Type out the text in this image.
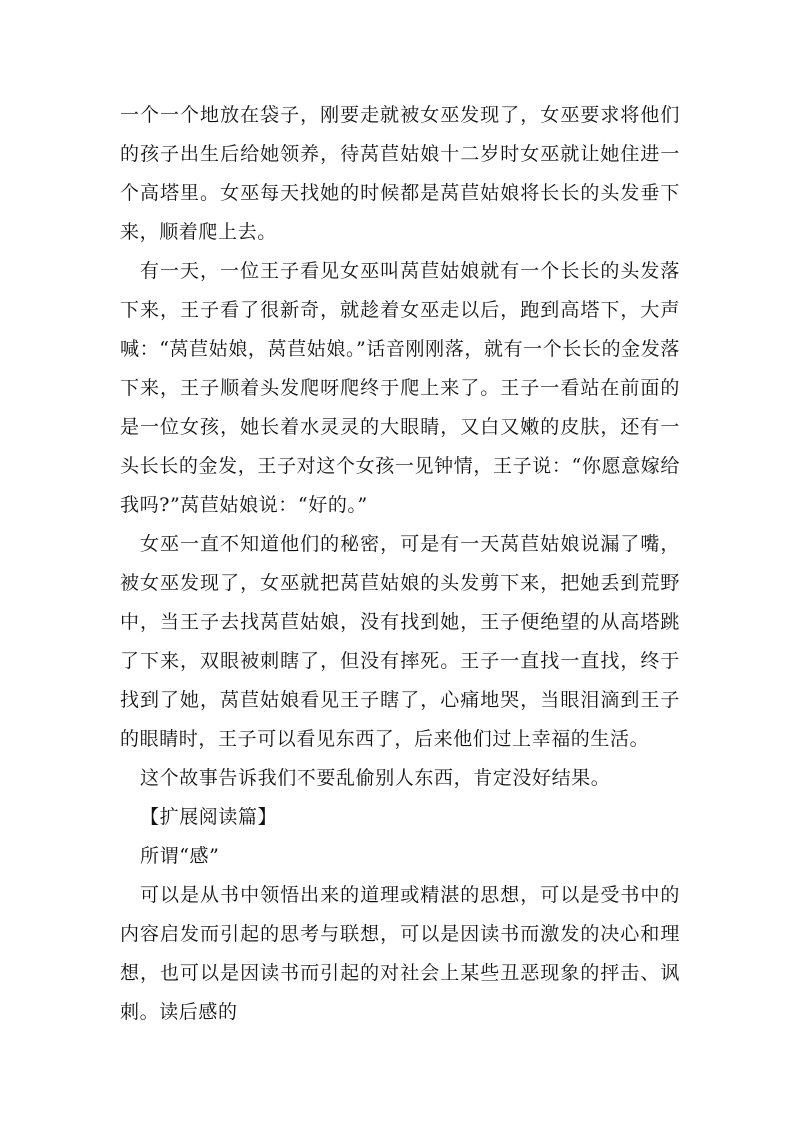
一个一个地放在袋子，刚要走就被女巫发现了，女巫要求将他们的孩子出生后给她领养，待莴苣姑娘十二岁时女巫就让她住进一个高塔里。女巫每天找她的时候都是莴苣姑娘将长长的头发垂下来，顺着爬上去。

有一天，一位王子看见女巫叫莴苣姑娘就有一个长长的头发落下来，王子看了很新奇，就趁着女巫走以后，跑到高塔下，大声喊：“莴苣姑娘，莴苣姑娘。”话音刚刚落，就有一个长长的金发落下来，王子顺着头发爬呀爬终于爬上来了。王子一看站在前面的是一位女孩，她长着水灵灵的大眼睛，又白又嫩的皮肤，还有一头长长的金发，王子对这个女孩一见钟情，王子说：“你愿意嫁给我吗?”莴苣姑娘说：“好的。”

女巫一直不知道他们的秘密，可是有一天莴苣姑娘说漏了嘴，被女巫发现了，女巫就把莴苣姑娘的头发剪下来，把她丢到荒野中，当王子去找莴苣姑娘，没有找到她，王子便绝望的从高塔跳了下来，双眼被刺瞎了，但没有摔死。王子一直找一直找，终于找到了她，莴苣姑娘看见王子瞎了，心痛地哭，当眼泪滴到王子的眼睛时，王子可以看见东西了，后来他们过上幸福的生活。

这个故事告诉我们不要乱偷别人东西，肯定没好结果。

【扩展阅读篇】

所谓“感”

可以是从书中领悟出来的道理或精湛的思想，可以是受书中的内容启发而引起的思考与联想，可以是因读书而激发的决心和理想，也可以是因读书而引起的对社会上某些丑恶现象的抨击、讽刺。读后感的
